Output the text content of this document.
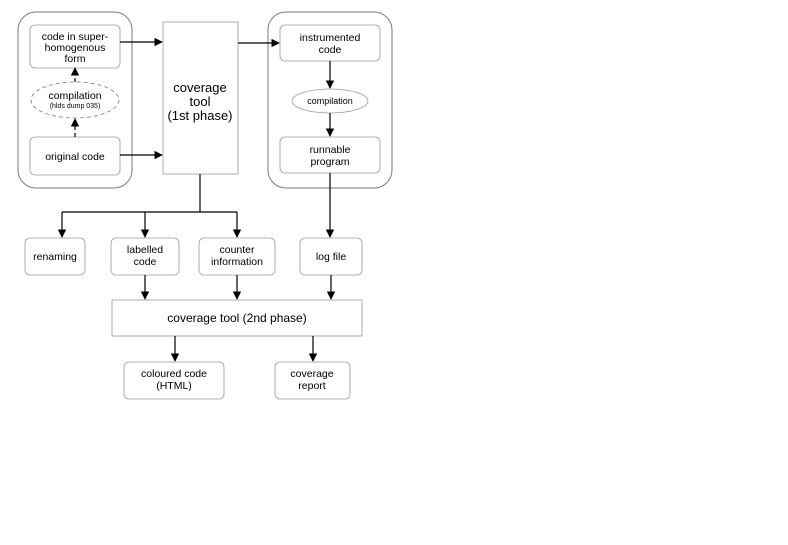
code in super-
homogenous
form
compilation
(hlds dump 035)
original code
coverage
tool
(1st phase)
instrumented
code
compilation
runnable
program
renaming
labelled
code
counter
information	log file
coverage tool (2nd phase)
coloured code
(HTML)
coverage
report
